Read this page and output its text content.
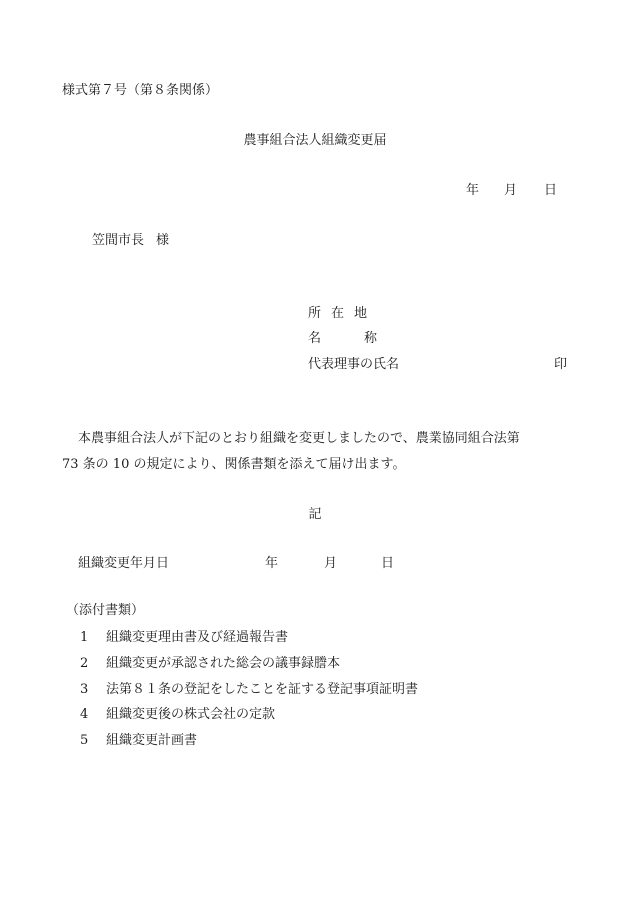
様式第７号（第８条関係）
農事組合法人組織変更届
年 月 日
笠間市長 様
所在地
名	称
代表理事の氏名	印
本農事組合法人が下記のとおり組織を変更しましたので、農業協同組合法第
73 条の 10 の規定により、関係書類を添えて届け出ます。
記
組織変更年月日	年	月	日
（添付書類）
1 組織変更理由書及び経過報告書
2 組織変更が承認された総会の議事録謄本
3 法第８１条の登記をしたことを証する登記事項証明書
4 組織変更後の株式会社の定款
5 組織変更計画書
